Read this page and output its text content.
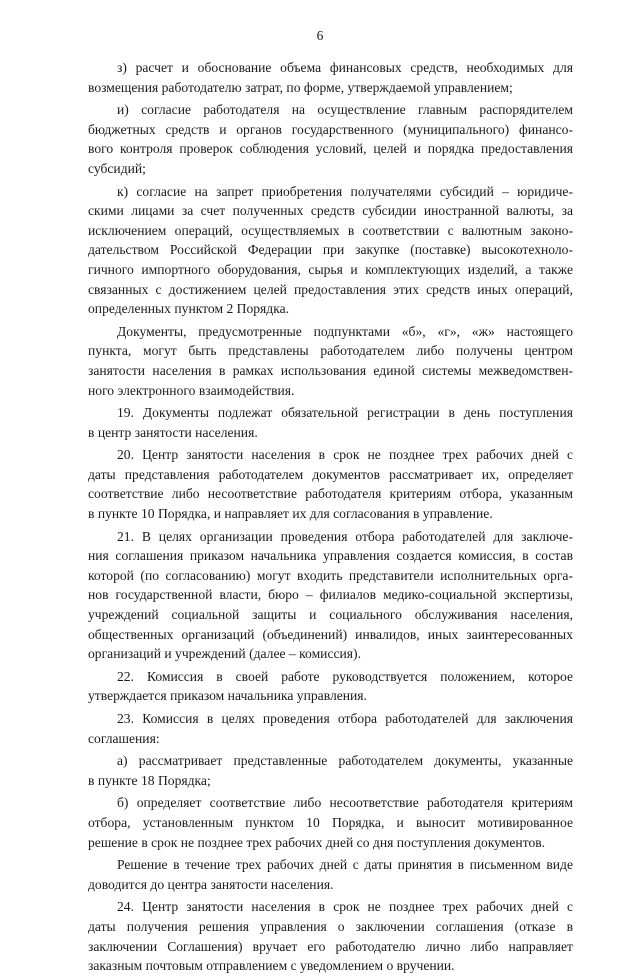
6
з) расчет и обоснование объема финансовых средств, необходимых для
возмещения работодателю затрат, по форме, утверждаемой управлением;
и) согласие работодателя на осуществление главным распорядителем
бюджетных средств и органов государственного (муниципального) финансо-
вого контроля проверок соблюдения условий, целей и порядка предоставления
субсидий;
к) согласие на запрет приобретения получателями субсидий – юридиче-
скими лицами за счет полученных средств субсидии иностранной валюты, за
исключением операций, осуществляемых в соответствии с валютным законо-
дательством Российской Федерации при закупке (поставке) высокотехноло-
гичного импортного оборудования, сырья и комплектующих изделий, а также
связанных с достижением целей предоставления этих средств иных операций,
определенных пунктом 2 Порядка.
Документы, предусмотренные подпунктами «б», «г», «ж» настоящего
пункта, могут быть представлены работодателем либо получены центром
занятости населения в рамках использования единой системы межведомствен-
ного электронного взаимодействия.
19. Документы подлежат обязательной регистрации в день поступления
в центр занятости населения.
20. Центр занятости населения в срок не позднее трех рабочих дней с
даты представления работодателем документов рассматривает их, определяет
соответствие либо несоответствие работодателя критериям отбора, указанным
в пункте 10 Порядка, и направляет их для согласования в управление.
21. В целях организации проведения отбора работодателей для заключе-
ния соглашения приказом начальника управления создается комиссия, в состав
которой (по согласованию) могут входить представители исполнительных орга-
нов государственной власти, бюро – филиалов медико-социальной экспертизы,
учреждений социальной защиты и социального обслуживания населения,
общественных организаций (объединений) инвалидов, иных заинтересованных
организаций и учреждений (далее – комиссия).
22. Комиссия в своей работе руководствуется положением, которое
утверждается приказом начальника управления.
23. Комиссия в целях проведения отбора работодателей для заключения
соглашения:
а) рассматривает представленные работодателем документы, указанные
в пункте 18 Порядка;
б) определяет соответствие либо несоответствие работодателя критериям
отбора, установленным пунктом 10 Порядка, и выносит мотивированное
решение в срок не позднее трех рабочих дней со дня поступления документов.
Решение в течение трех рабочих дней с даты принятия в письменном виде
доводится до центра занятости населения.
24. Центр занятости населения в срок не позднее трех рабочих дней с
даты получения решения управления о заключении соглашения (отказе в
заключении Соглашения) вручает его работодателю лично либо направляет
заказным почтовым отправлением с уведомлением о вручении.
